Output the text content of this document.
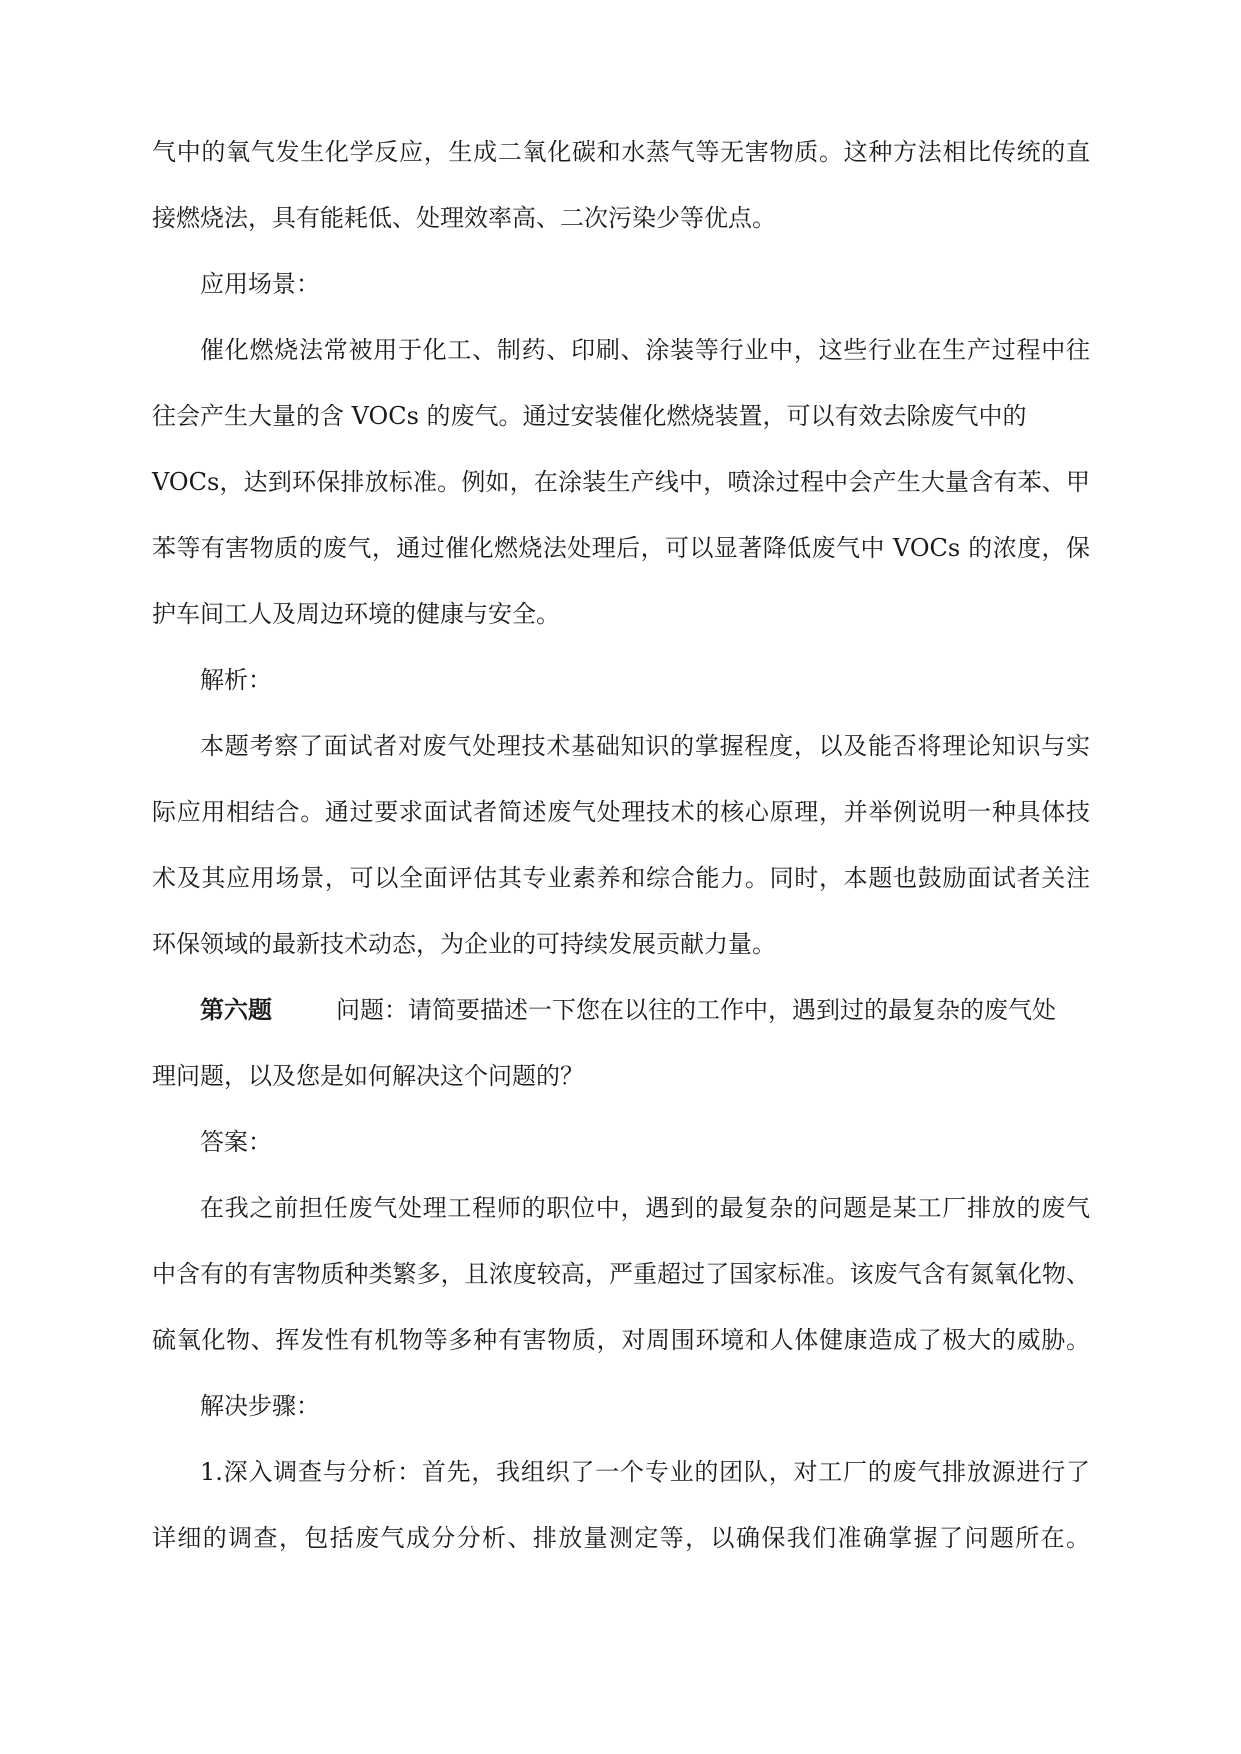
气中的氧气发生化学反应，生成二氧化碳和水蒸气等无害物质。这种方法相比传统的直
接燃烧法，具有能耗低、处理效率高、二次污染少等优点。
应用场景：
催化燃烧法常被用于化工、制药、印刷、涂装等行业中，这些行业在生产过程中往
往会产生大量的含 VOCs 的废气。通过安装催化燃烧装置，可以有效去除废气中的
VOCs，达到环保排放标准。例如，在涂装生产线中，喷涂过程中会产生大量含有苯、甲
苯等有害物质的废气，通过催化燃烧法处理后，可以显著降低废气中 VOCs 的浓度，保
护车间工人及周边环境的健康与安全。
解析：
本题考察了面试者对废气处理技术基础知识的掌握程度，以及能否将理论知识与实
际应用相结合。通过要求面试者简述废气处理技术的核心原理，并举例说明一种具体技
术及其应用场景，可以全面评估其专业素养和综合能力。同时，本题也鼓励面试者关注
环保领域的最新技术动态，为企业的可持续发展贡献力量。
第六题	问题：请简要描述一下您在以往的工作中，遇到过的最复杂的废气处
理问题，以及您是如何解决这个问题的？
答案：
在我之前担任废气处理工程师的职位中，遇到的最复杂的问题是某工厂排放的废气
中含有的有害物质种类繁多，且浓度较高，严重超过了国家标准。该废气含有氮氧化物、
硫氧化物、挥发性有机物等多种有害物质，对周围环境和人体健康造成了极大的威胁。
解决步骤：
1.深入调查与分析：首先，我组织了一个专业的团队，对工厂的废气排放源进行了
详细的调查，包括废气成分分析、排放量测定等，以确保我们准确掌握了问题所在。
